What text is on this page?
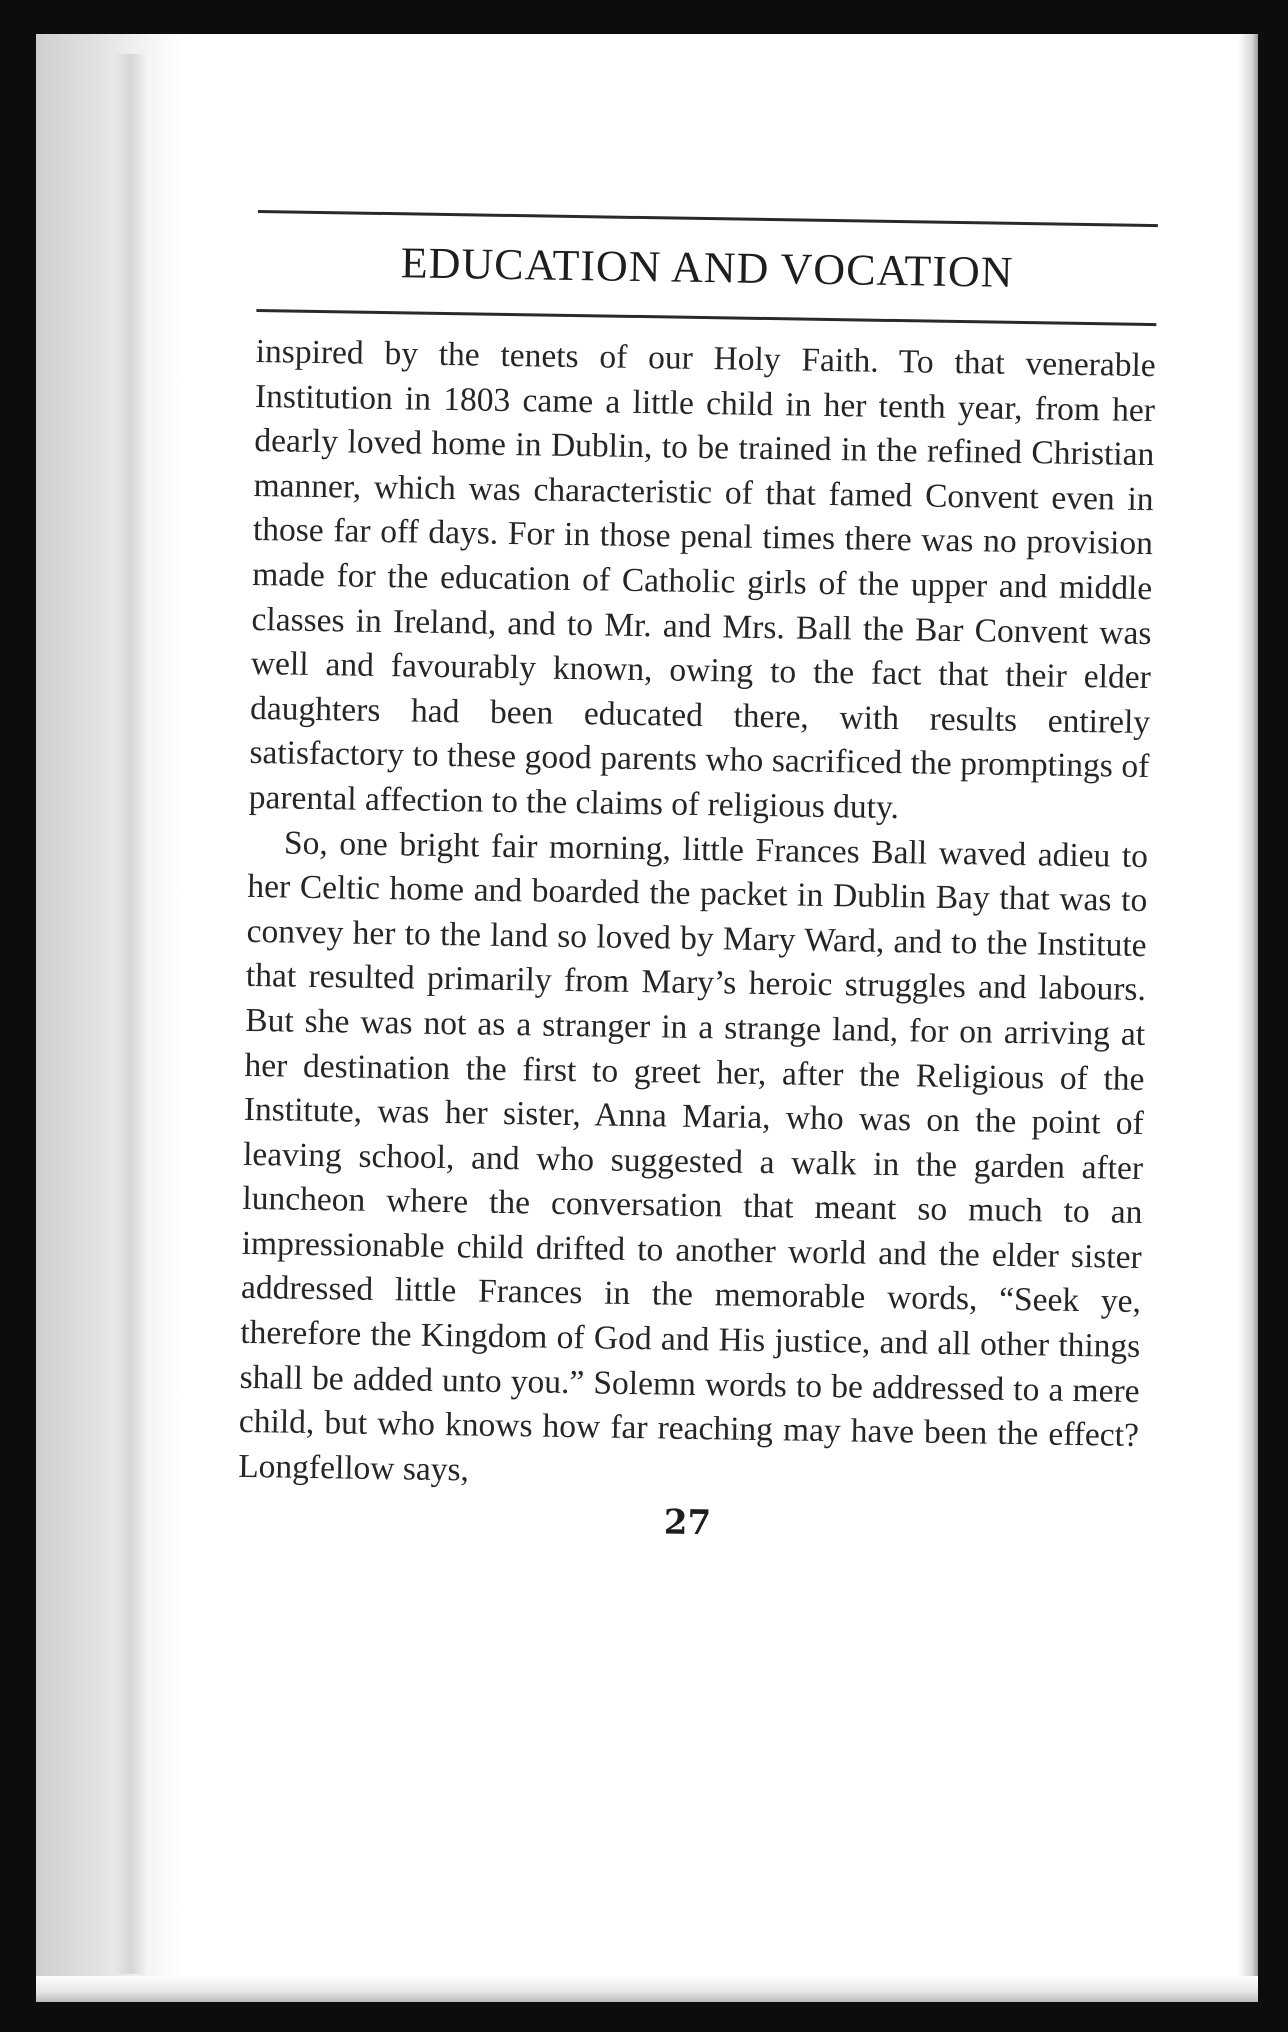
EDUCATION AND VOCATION

inspired by the tenets of our Holy Faith. To that venerable Institution in 1803 came a little child in her tenth year, from her dearly loved home in Dublin, to be trained in the refined Christian manner, which was characteristic of that famed Convent even in those far off days. For in those penal times there was no provision made for the education of Catholic girls of the upper and middle classes in Ireland, and to Mr. and Mrs. Ball the Bar Convent was well and favourably known, owing to the fact that their elder daughters had been educated there, with results entirely satisfactory to these good parents who sacrificed the promptings of parental affection to the claims of religious duty.

So, one bright fair morning, little Frances Ball waved adieu to her Celtic home and boarded the packet in Dublin Bay that was to convey her to the land so loved by Mary Ward, and to the Institute that resulted primarily from Mary’s heroic struggles and labours. But she was not as a stranger in a strange land, for on arriving at her destination the first to greet her, after the Religious of the Institute, was her sister, Anna Maria, who was on the point of leaving school, and who suggested a walk in the garden after luncheon where the conversation that meant so much to an impressionable child drifted to another world and the elder sister addressed little Frances in the memorable words, “Seek ye, therefore the Kingdom of God and His justice, and all other things shall be added unto you.” Solemn words to be addressed to a mere child, but who knows how far reaching may have been the effect? Longfellow says,

27
